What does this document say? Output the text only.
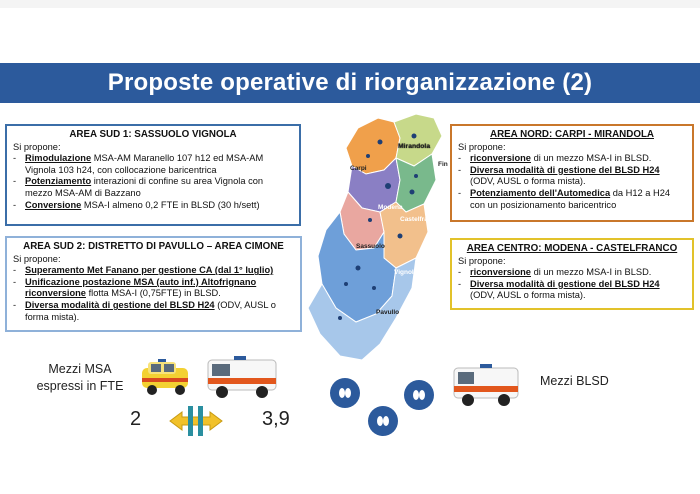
Proposte operative di riorganizzazione (2)
AREA SUD 1: SASSUOLO VIGNOLA
Si propone:
- Rimodulazione MSA-AM Maranello 107 h12 ed MSA-AM Vignola 103 h24, con collocazione baricentrica
- Potenziamento interazioni di confine su area Vignola con mezzo MSA-AM di Bazzano
- Conversione MSA-I almeno 0,2 FTE in BLSD (30 h/sett)
AREA SUD 2: DISTRETTO DI PAVULLO – AREA CIMONE
Si propone:
- Superamento Met Fanano per gestione CA (dal 1° luglio)
- Unificazione postazione MSA (auto inf.) Altofrignano riconversione flotta MSA-I (0,75FTE) in BLSD.
- Diversa modalità di gestione del BLSD H24 (ODV, AUSL o forma mista).
AREA NORD: CARPI - MIRANDOLA
Si propone:
- riconversione di un mezzo MSA-I in BLSD.
- Diversa modalità di gestione del BLSD H24 (ODV, AUSL o forma mista).
- Potenziamento dell'Automedica da H12 a H24 con un posizionamento baricentrico
AREA CENTRO: MODENA - CASTELFRANCO
Si propone:
- riconversione di un mezzo MSA-I in BLSD.
- Diversa modalità di gestione del BLSD H24 (ODV, AUSL o forma mista).
Mirandola
Carpi
Fin
Modena
Castelfranco E.
Sassuolo
Vignola
Pavullo
Mezzi MSA espressi in FTE
2	3,9
Mezzi BLSD
